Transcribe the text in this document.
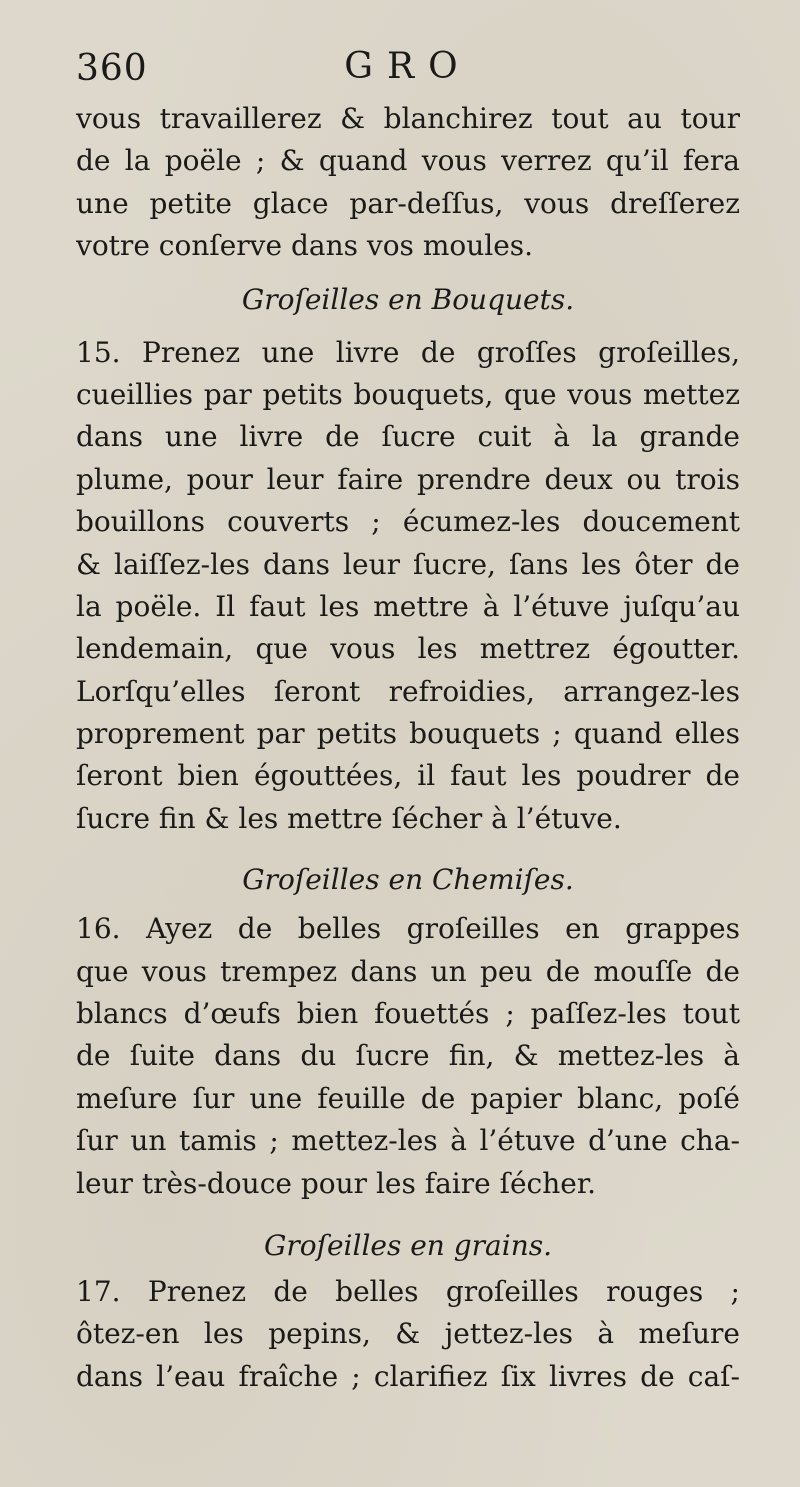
360	GRO
vous travaillerez & blanchirez tout au tour
de la poële ; & quand vous verrez qu’il fera
une petite glace par-deſſus, vous dreſſerez
votre conſerve dans vos moules.
Groſeilles en Bouquets.
15. Prenez une livre de groſſes groſeilles,
cueillies par petits bouquets, que vous mettez
dans une livre de ſucre cuit à la grande
plume, pour leur faire prendre deux ou trois
bouillons couverts ; écumez-les doucement
& laiſſez-les dans leur ſucre, ſans les ôter de
la poële. Il faut les mettre à l’étuve juſqu’au
lendemain, que vous les mettrez égoutter.
Lorſqu’elles ſeront refroidies, arrangez-les
proprement par petits bouquets ; quand elles
ſeront bien égouttées, il faut les poudrer de
ſucre fin & les mettre ſécher à l’étuve.
Groſeilles en Chemiſes.
16. Ayez de belles groſeilles en grappes
que vous trempez dans un peu de mouſſe de
blancs d’œufs bien fouettés ; paſſez-les tout
de ſuite dans du ſucre fin, & mettez-les à
meſure ſur une feuille de papier blanc, poſé
ſur un tamis ; mettez-les à l’étuve d’une cha-
leur très-douce pour les faire ſécher.
Groſeilles en grains.
17. Prenez de belles groſeilles rouges ;
ôtez-en les pepins, & jettez-les à meſure
dans l’eau fraîche ; clarifiez ſix livres de caſ-
